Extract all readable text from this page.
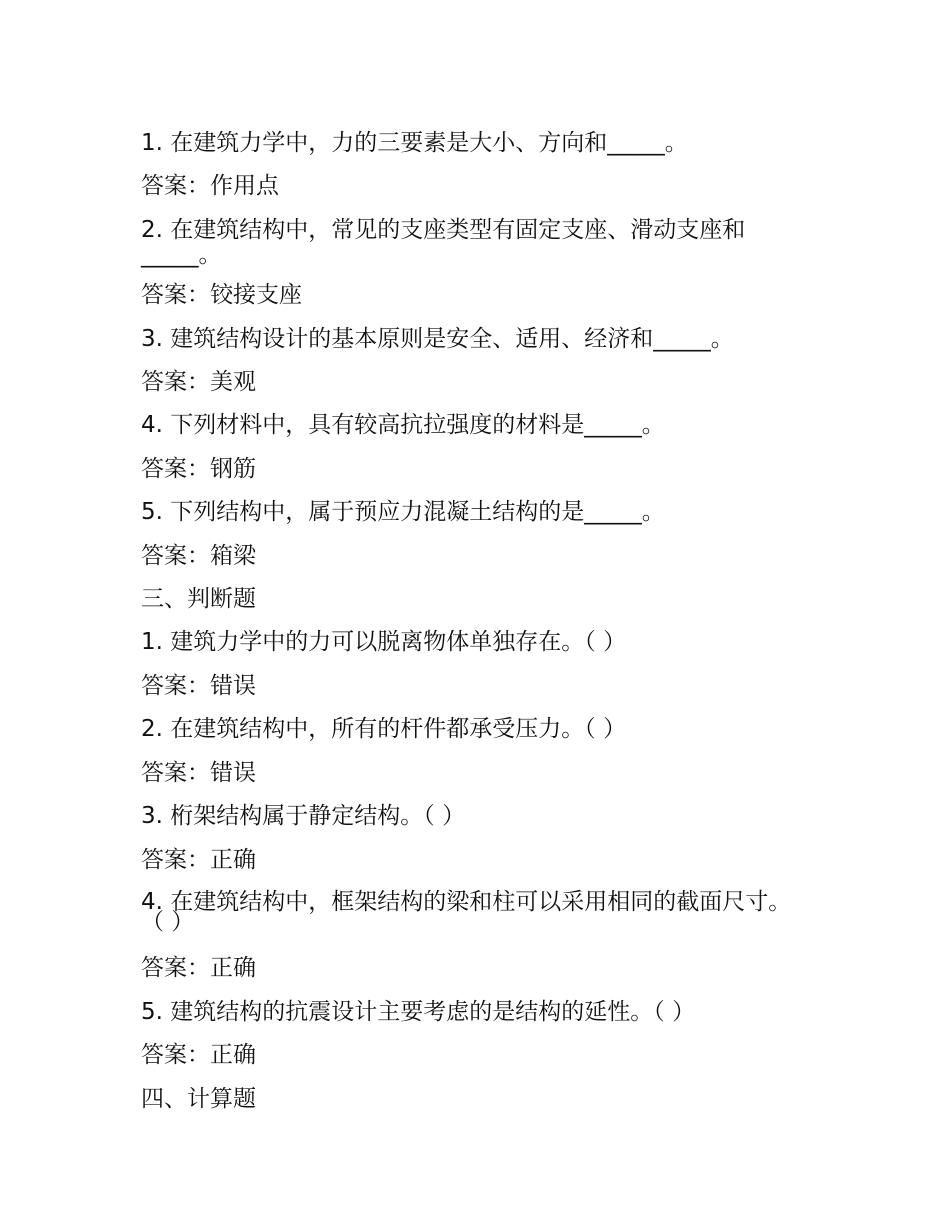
1. 在建筑力学中，力的三要素是大小、方向和_____。
答案：作用点
2. 在建筑结构中，常见的支座类型有固定支座、滑动支座和_____。
答案：铰接支座
3. 建筑结构设计的基本原则是安全、适用、经济和_____。
答案：美观
4. 下列材料中，具有较高抗拉强度的材料是_____。
答案：钢筋
5. 下列结构中，属于预应力混凝土结构的是_____。
答案：箱梁
三、判断题
1. 建筑力学中的力可以脱离物体单独存在。（ ）
答案：错误
2. 在建筑结构中，所有的杆件都承受压力。（ ）
答案：错误
3. 桁架结构属于静定结构。（ ）
答案：正确
4. 在建筑结构中，框架结构的梁和柱可以采用相同的截面尺寸。（ ）
答案：正确
5. 建筑结构的抗震设计主要考虑的是结构的延性。（ ）
答案：正确
四、计算题
